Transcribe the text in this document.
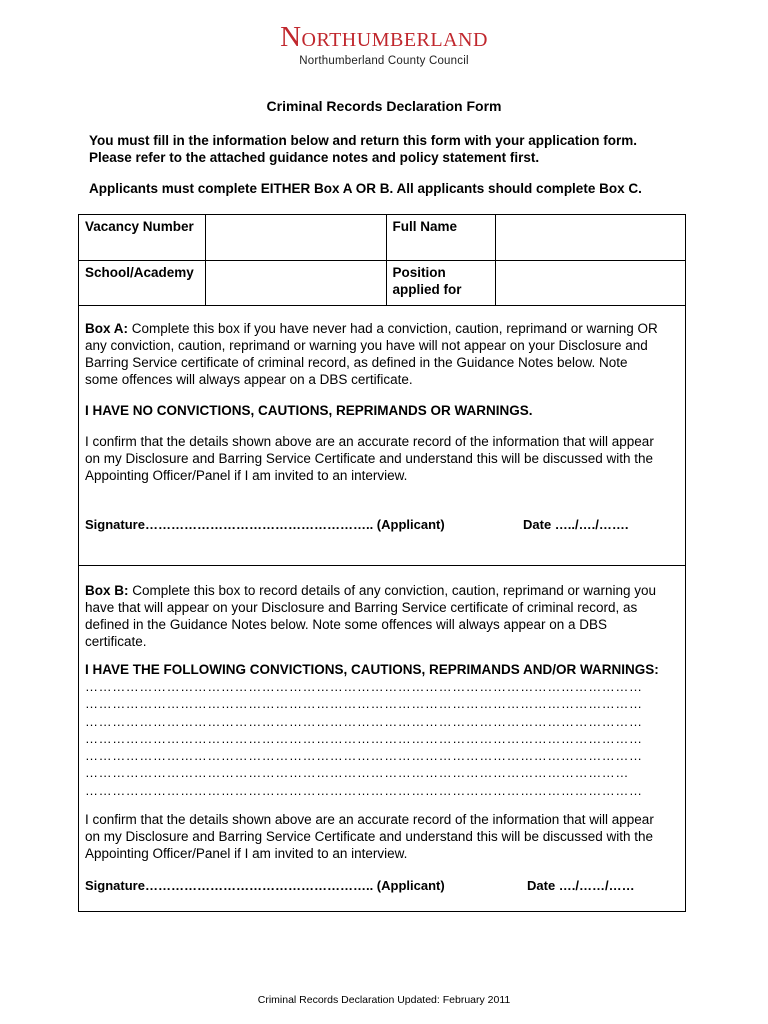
Northumberland
Northumberland County Council
Criminal Records Declaration Form
You must fill in the information below and return this form with your application form.
Please refer to the attached guidance notes and policy statement first.
Applicants must complete EITHER Box A OR B. All applicants should complete Box C.
Vacancy Number		Full Name	
School/Academy		Position
applied for	

Box A: Complete this box if you have never had a conviction, caution, reprimand or warning OR
any conviction, caution, reprimand or warning you have will not appear on your Disclosure and
Barring Service certificate of criminal record, as defined in the Guidance Notes below. Note
some offences will always appear on a DBS certificate.

I HAVE NO CONVICTIONS, CAUTIONS, REPRIMANDS OR WARNINGS.

I confirm that the details shown above are an accurate record of the information that will appear
on my Disclosure and Barring Service Certificate and understand this will be discussed with the
Appointing Officer/Panel if I am invited to an interview.

Signature…………………………………………….. (Applicant)	Date …../…./…….

Box B: Complete this box to record details of any conviction, caution, reprimand or warning you
have that will appear on your Disclosure and Barring Service certificate of criminal record, as
defined in the Guidance Notes below. Note some offences will always appear on a DBS
certificate.

I HAVE THE FOLLOWING CONVICTIONS, CAUTIONS, REPRIMANDS AND/OR WARNINGS:

……………………………………………………………………………………………………………

……………………………………………………………………………………………………………

……………………………………………………………………………………………………………

……………………………………………………………………………………………………………

……………………………………………………………………………………………………………

…………………………………………………………………………………………………………

……………………………………………………………………………………………………………

I confirm that the details shown above are an accurate record of the information that will appear
on my Disclosure and Barring Service Certificate and understand this will be discussed with the
Appointing Officer/Panel if I am invited to an interview.

Signature…………………………………………….. (Applicant)	Date …./……/……
Criminal Records Declaration Updated: February 2011
